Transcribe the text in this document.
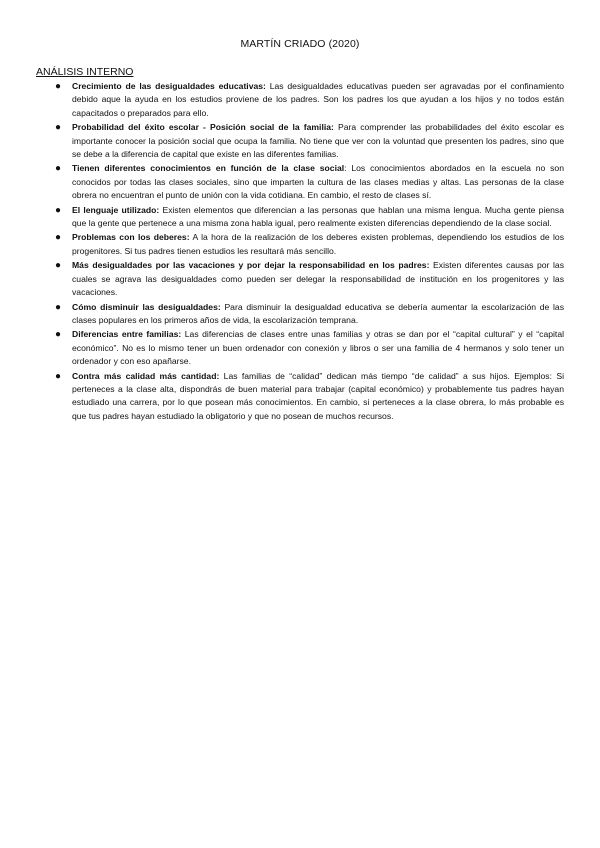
MARTÍN CRIADO (2020)
ANÁLISIS INTERNO
● Crecimiento de las desigualdades educativas: Las desigualdades educativas pueden ser agravadas por el confinamiento debido aque la ayuda en los estudios proviene de los padres. Son los padres los que ayudan a los hijos y no todos están capacitados o preparados para ello.
● Probabilidad del éxito escolar - Posición social de la familia: Para comprender las probabilidades del éxito escolar es importante conocer la posición social que ocupa la familia. No tiene que ver con la voluntad que presenten los padres, sino que se debe a la diferencia de capital que existe en las diferentes familias.
● Tienen diferentes conocimientos en función de la clase social: Los conocimientos abordados en la escuela no son conocidos por todas las clases sociales, sino que imparten la cultura de las clases medias y altas. Las personas de la clase obrera no encuentran el punto de unión con la vida cotidiana. En cambio, el resto de clases sí.
● El lenguaje utilizado: Existen elementos que diferencian a las personas que hablan una misma lengua. Mucha gente piensa que la gente que pertenece a una misma zona habla igual, pero realmente existen diferencias dependiendo de la clase social.
● Problemas con los deberes: A la hora de la realización de los deberes existen problemas, dependiendo los estudios de los progenitores. Si tus padres tienen estudios les resultará más sencillo.
● Más desigualdades por las vacaciones y por dejar la responsabilidad en los padres: Existen diferentes causas por las cuales se agrava las desigualdades como pueden ser delegar la responsabilidad de institución en los progenitores y las vacaciones.
● Cómo disminuir las desigualdades: Para disminuir la desigualdad educativa se debería aumentar la escolarización de las clases populares en los primeros años de vida, la escolarización temprana.
● Diferencias entre familias: Las diferencias de clases entre unas familias y otras se dan por el “capital cultural” y el “capital económico”. No es lo mismo tener un buen ordenador con conexión y libros o ser una familia de 4 hermanos y solo tener un ordenador y con eso apañarse.
● Contra más calidad más cantidad: Las familias de “calidad” dedican más tiempo “de calidad” a sus hijos. Ejemplos: Si perteneces a la clase alta, dispondrás de buen material para trabajar (capital económico) y probablemente tus padres hayan estudiado una carrera, por lo que posean más conocimientos. En cambio, si perteneces a la clase obrera, lo más probable es que tus padres hayan estudiado la obligatorio y que no posean de muchos recursos.
